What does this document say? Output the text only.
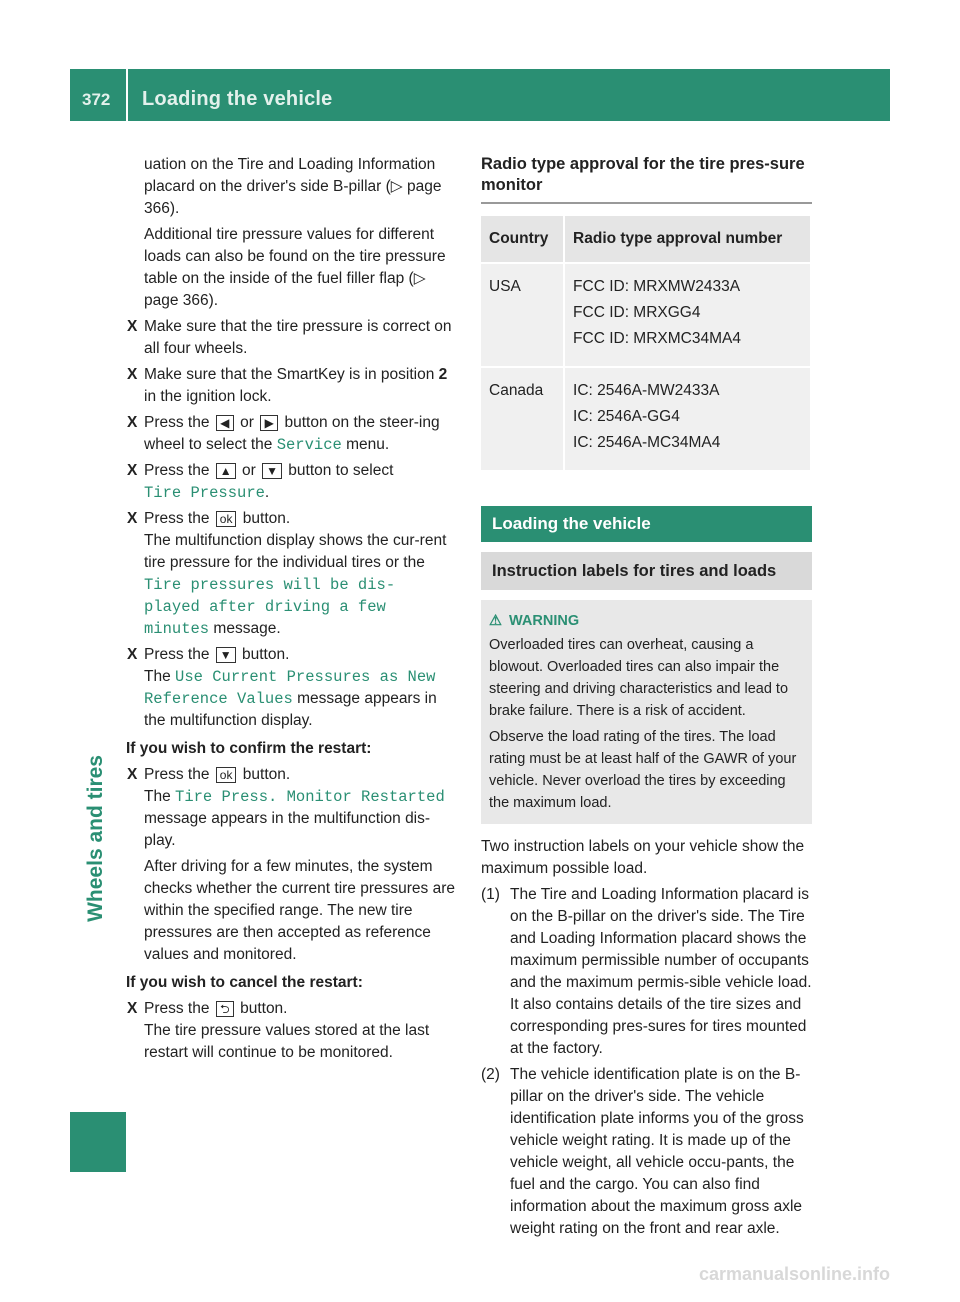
372 Loading the vehicle
Wheels and tires

uation on the Tire and Loading Information placard on the driver's side B-pillar (▷ page 366).

Additional tire pressure values for different loads can also be found on the tire pressure table on the inside of the fuel filler flap (▷ page 366).

X Make sure that the tire pressure is correct on all four wheels.
X Make sure that the SmartKey is in position 2 in the ignition lock.
X Press the ◀ or ▶ button on the steer-ing wheel to select the Service menu.
X Press the ▲ or ▼ button to select
Tire Pressure.
X Press the ok button.
The multifunction display shows the cur-rent tire pressure for the individual tires or the Tire pressures will be dis‑ played after driving a few minutes message.
X Press the ▼ button.
The Use Current Pressures as New Reference Values message appears in the multifunction display.

If you wish to confirm the restart:

X Press the ok button.
The Tire Press. Monitor Restarted message appears in the multifunction dis-play.

After driving for a few minutes, the system checks whether the current tire pressures are within the specified range. The new tire pressures are then accepted as reference values and monitored.

If you wish to cancel the restart:

X Press the ⮌ button.
The tire pressure values stored at the last restart will continue to be monitored.
Radio type approval for the tire pres-sure monitor
Country	Radio type approval number
USA	FCC ID: MRXMW2433A
FCC ID: MRXGG4
FCC ID: MRXMC34MA4

Canada	IC: 2546A-MW2433A
IC: 2546A-GG4
IC: 2546A-MC34MA4
Loading the vehicle
Instruction labels for tires and loads
⚠ WARNING

Overloaded tires can overheat, causing a blowout. Overloaded tires can also impair the steering and driving characteristics and lead to brake failure. There is a risk of accident.

Observe the load rating of the tires. The load rating must be at least half of the GAWR of your vehicle. Never overload the tires by exceeding the maximum load.

Two instruction labels on your vehicle show the maximum possible load.

(1) The Tire and Loading Information placard is on the B-pillar on the driver's side. The Tire and Loading Information placard shows the maximum permissible number of occupants and the maximum permis-sible vehicle load. It also contains details of the tire sizes and corresponding pres-sures for tires mounted at the factory.
(2) The vehicle identification plate is on the B-pillar on the driver's side. The vehicle identification plate informs you of the gross vehicle weight rating. It is made up of the vehicle weight, all vehicle occu-pants, the fuel and the cargo. You can also find information about the maximum gross axle weight rating on the front and rear axle.
carmanualsonline.info
